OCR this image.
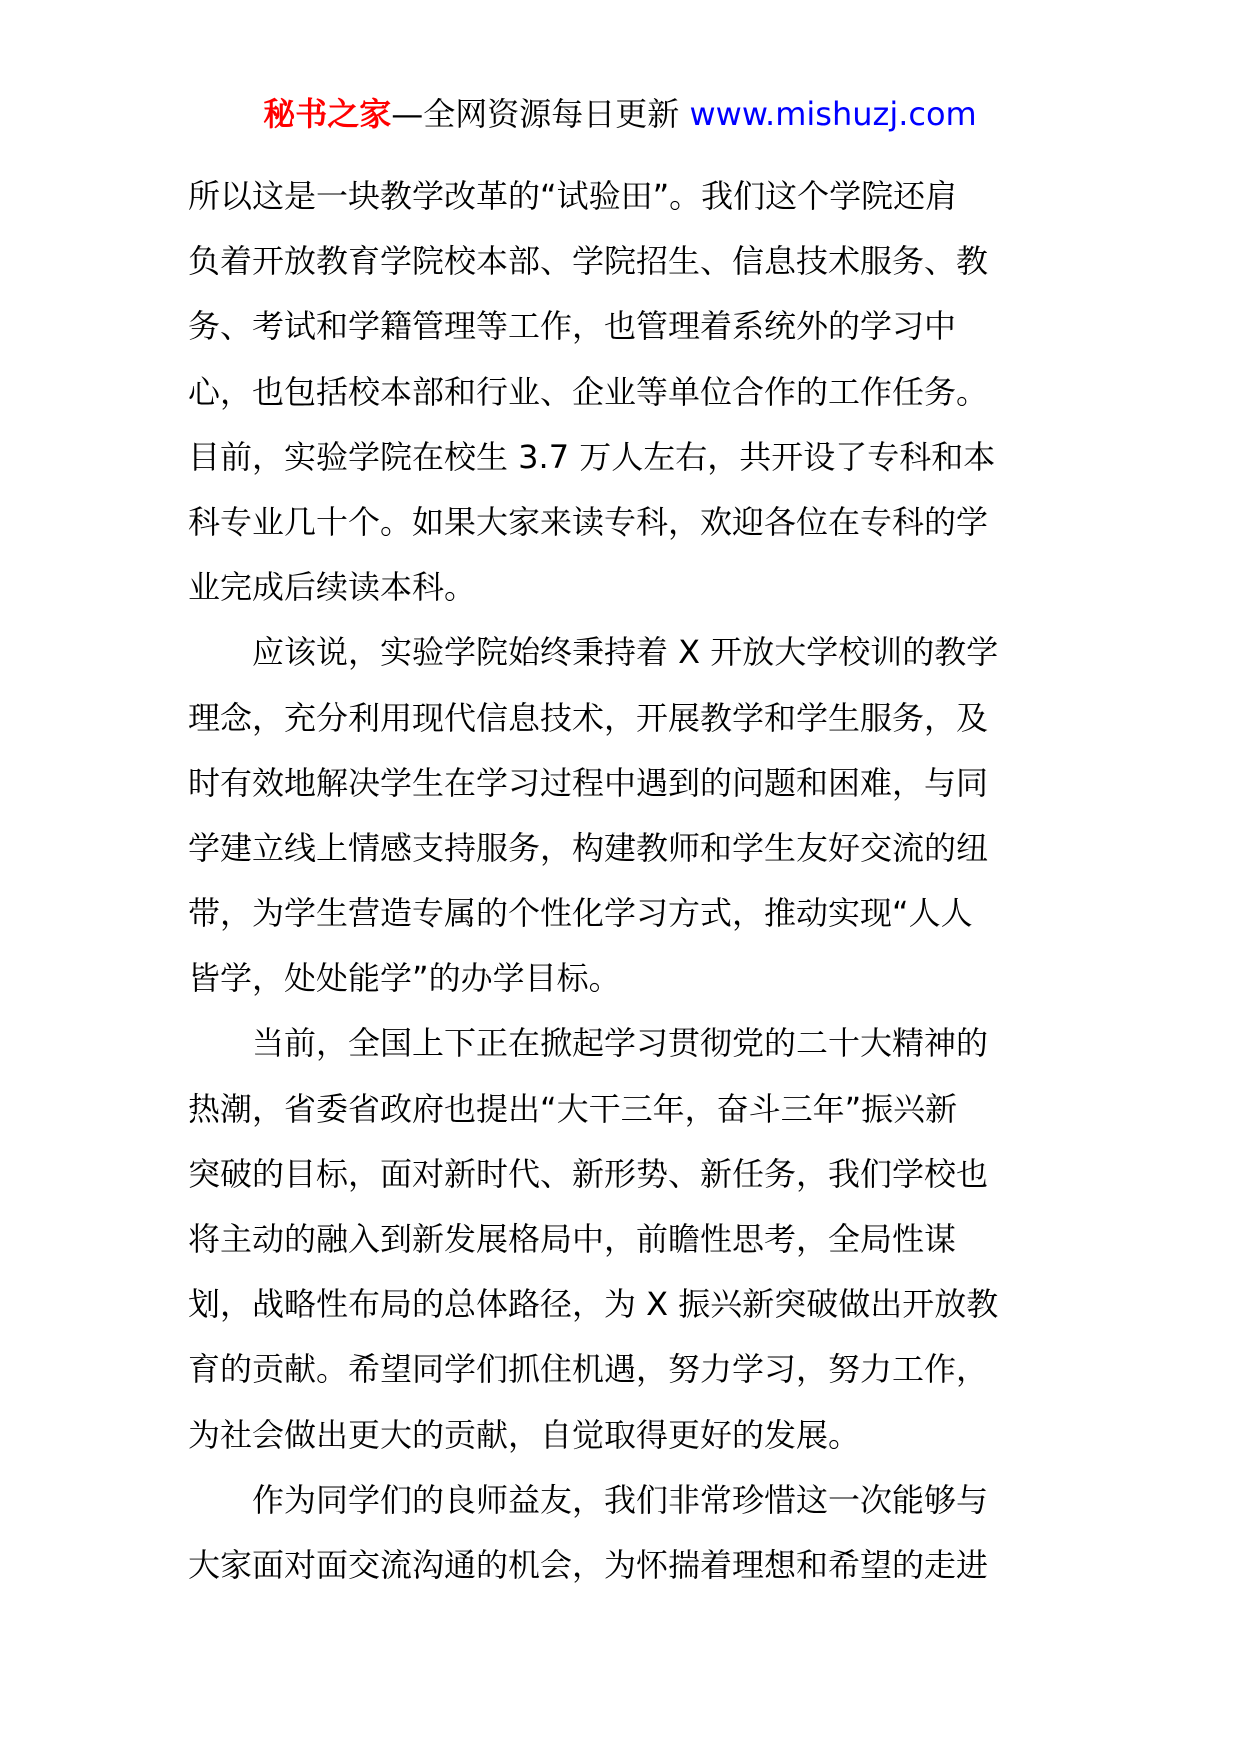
秘书之家—全网资源每日更新 www.mishuzj.com
所以这是一块教学改革的“试验田”。我们这个学院还肩
负着开放教育学院校本部、学院招生、信息技术服务、教
务、考试和学籍管理等工作，也管理着系统外的学习中
心，也包括校本部和行业、企业等单位合作的工作任务。
目前，实验学院在校生 3.7 万人左右，共开设了专科和本
科专业几十个。如果大家来读专科，欢迎各位在专科的学
业完成后续读本科。
　　应该说，实验学院始终秉持着 X 开放大学校训的教学
理念，充分利用现代信息技术，开展教学和学生服务，及
时有效地解决学生在学习过程中遇到的问题和困难，与同
学建立线上情感支持服务，构建教师和学生友好交流的纽
带，为学生营造专属的个性化学习方式，推动实现“人人
皆学，处处能学”的办学目标。
　　当前，全国上下正在掀起学习贯彻党的二十大精神的
热潮，省委省政府也提出“大干三年，奋斗三年”振兴新
突破的目标，面对新时代、新形势、新任务，我们学校也
将主动的融入到新发展格局中，前瞻性思考，全局性谋
划，战略性布局的总体路径，为 X 振兴新突破做出开放教
育的贡献。希望同学们抓住机遇，努力学习，努力工作，
为社会做出更大的贡献，自觉取得更好的发展。
　　作为同学们的良师益友，我们非常珍惜这一次能够与
大家面对面交流沟通的机会，为怀揣着理想和希望的走进
